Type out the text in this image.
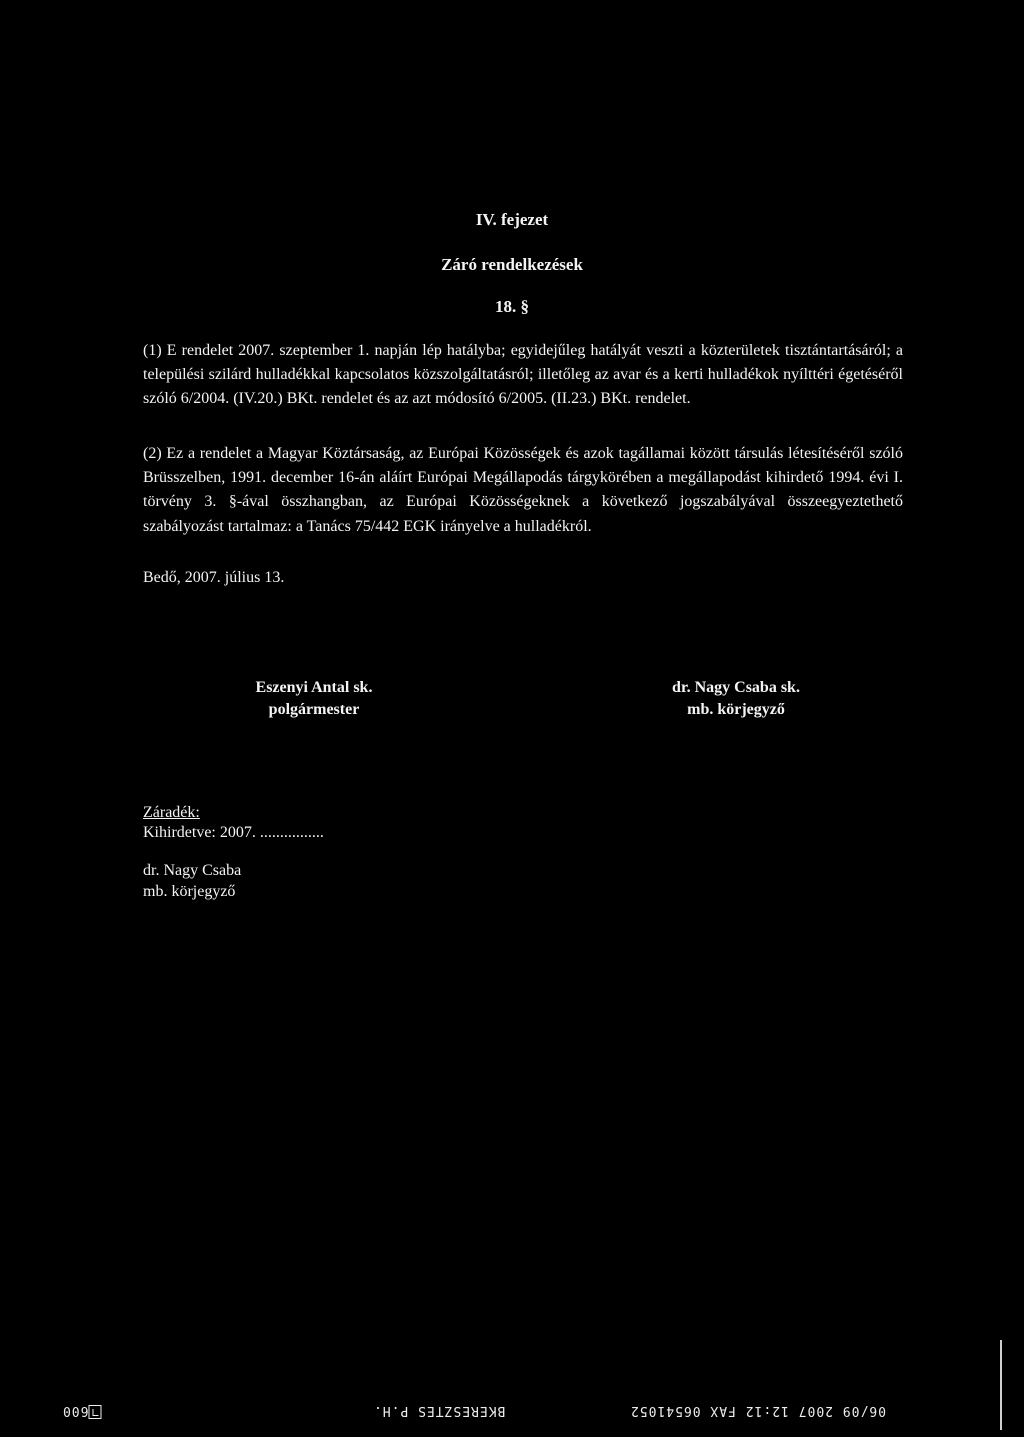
IV. fejezet
Záró rendelkezések
18. §

(1) E rendelet 2007. szeptember 1. napján lép hatályba; egyidejűleg hatályát veszti a közterületek tisztántartásáról; a települési szilárd hulladékkal kapcsolatos közszolgáltatásról; illetőleg az avar és a kerti hulladékok nyílttéri égetéséről szóló 6/2004. (IV.20.) BKt. rendelet és az azt módosító 6/2005. (II.23.) BKt. rendelet.

(2) Ez a rendelet a Magyar Köztársaság, az Európai Közösségek és azok tagállamai között társulás létesítéséről szóló Brüsszelben, 1991. december 16-án aláírt Európai Megállapodás tárgykörében a megállapodást kihirdető 1994. évi I. törvény 3. §-ával összhangban, az Európai Közösségeknek a következő jogszabályával összeegyeztethető szabályozást tartalmaz: a Tanács 75/442 EGK irányelve a hulladékról.

Bedő, 2007. július 13.
Eszenyi Antal sk.
polgármester
dr. Nagy Csaba sk.
mb. körjegyző
Záradék:
Kihirdetve: 2007. ................
dr. Nagy Csaba
mb. körjegyző
600	BKERESZTES P.H.	06/09 2007 12:12 FAX 06541052
